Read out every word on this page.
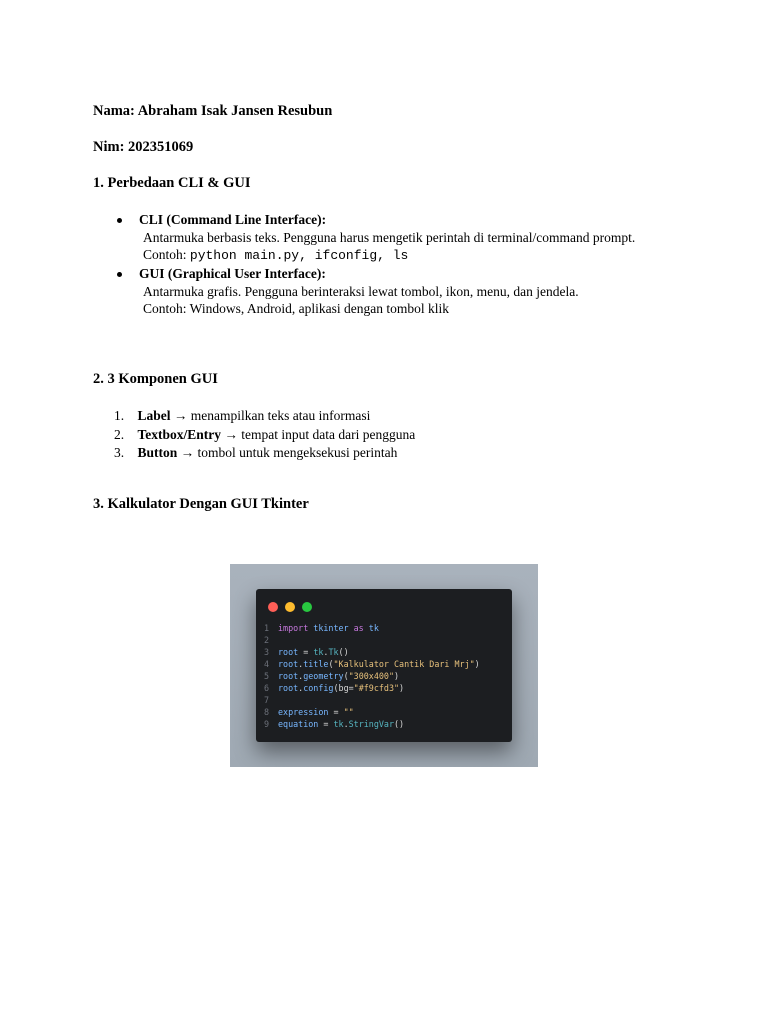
Nama: Abraham Isak Jansen Resubun
Nim: 202351069
1. Perbedaan CLI & GUI
CLI (Command Line Interface):
Antarmuka berbasis teks. Pengguna harus mengetik perintah di terminal/command prompt.
Contoh: python main.py, ifconfig, ls
GUI (Graphical User Interface):
Antarmuka grafis. Pengguna berinteraksi lewat tombol, ikon, menu, dan jendela.
Contoh: Windows, Android, aplikasi dengan tombol klik
2. 3 Komponen GUI
1. Label → menampilkan teks atau informasi
2. Textbox/Entry → tempat input data dari pengguna
3. Button → tombol untuk mengeksekusi perintah
3. Kalkulator Dengan GUI Tkinter
1 import tkinter as tk
2
3 root = tk.Tk()
4 root.title("Kalkulator Cantik Dari Mrj")
5 root.geometry("300x400")
6 root.config(bg="#f9cfd3")
7
8 expression = ""
9 equation = tk.StringVar()
